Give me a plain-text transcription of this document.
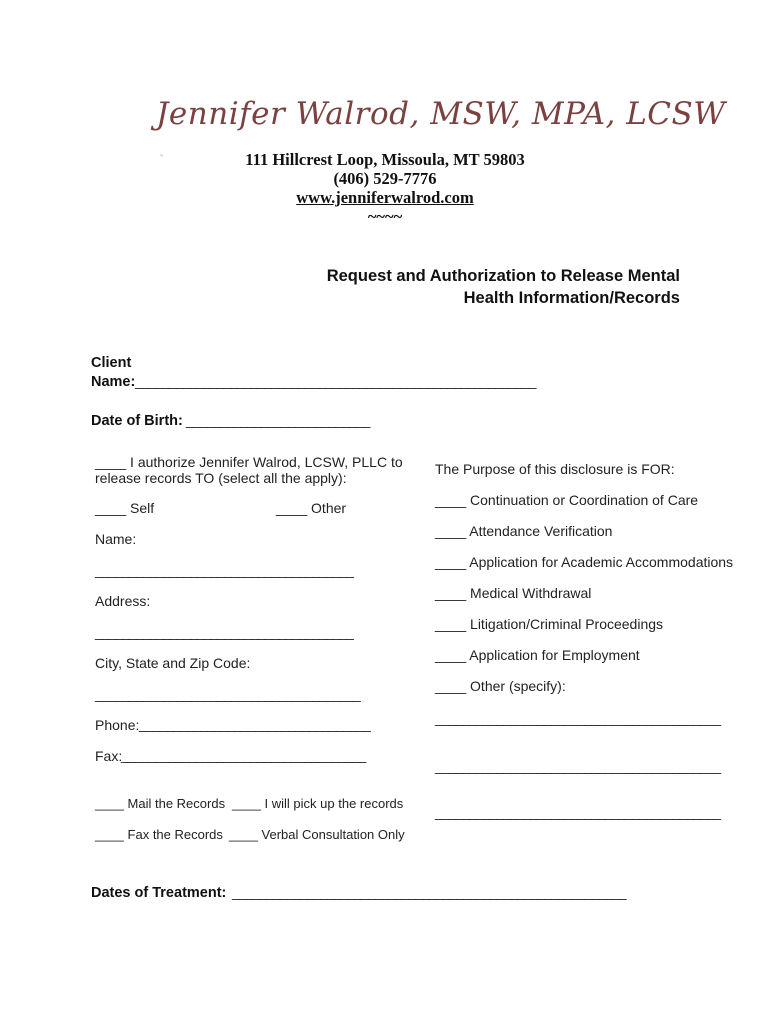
Jennifer Walrod, MSW, MPA, LCSW
◦	111 Hillcrest Loop, Missoula, MT 59803
(406) 529-7776
www.jenniferwalrod.com
~~~~
Request and Authorization to Release Mental
Health Information/Records
Client
Name: ___________________________________________________________
Date of Birth: ___________________________
____ I authorize Jennifer Walrod, LCSW, PLLC to
release records TO (select all the apply):
____ Self	____ Other
Name:
______________________________________
Address:
______________________________________
City, State and Zip Code:
_______________________________________
Phone: __________________________________
Fax:
____________________________________
____ Mail the Records ____ I will pick up the records
____ Fax the Records ____ Verbal Consultation Only
The Purpose of this disclosure is FOR:
____ Continuation or Coordination of Care
____ Attendance Verification
____ Application for Academic Accommodations
____ Medical Withdrawal
____ Litigation/Criminal Proceedings
____ Application for Employment
____ Other (specify):
__________________________________________
__________________________________________
__________________________________________
Dates of Treatment: __________________________________________________________
